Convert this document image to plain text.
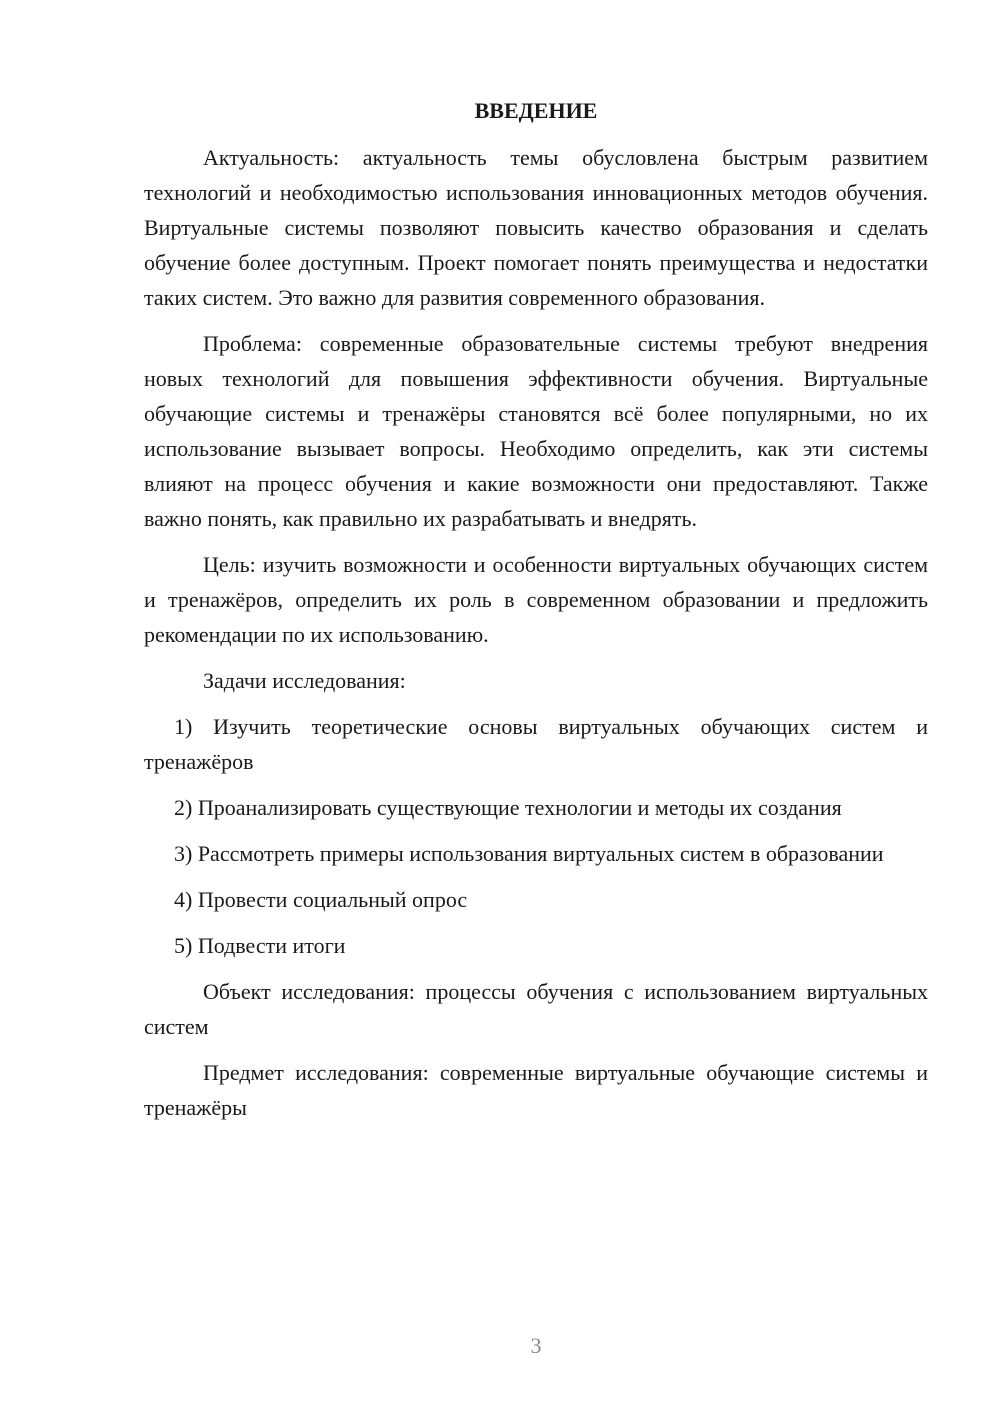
ВВЕДЕНИЕ

Актуальность: актуальность темы обусловлена быстрым развитием технологий и необходимостью использования инновационных методов обучения. Виртуальные системы позволяют повысить качество образования и сделать обучение более доступным. Проект помогает понять преимущества и недостатки таких систем. Это важно для развития современного образования.

Проблема: современные образовательные системы требуют внедрения новых технологий для повышения эффективности обучения. Виртуальные обучающие системы и тренажёры становятся всё более популярными, но их использование вызывает вопросы. Необходимо определить, как эти системы влияют на процесс обучения и какие возможности они предоставляют. Также важно понять, как правильно их разрабатывать и внедрять.

Цель: изучить возможности и особенности виртуальных обучающих систем и тренажёров, определить их роль в современном образовании и предложить рекомендации по их использованию.

Задачи исследования:

1) Изучить теоретические основы виртуальных обучающих систем и тренажёров

2) Проанализировать существующие технологии и методы их создания

3) Рассмотреть примеры использования виртуальных систем в образовании

4) Провести социальный опрос

5) Подвести итоги

Объект исследования: процессы обучения с использованием виртуальных систем

Предмет исследования: современные виртуальные обучающие системы и тренажёры

3
